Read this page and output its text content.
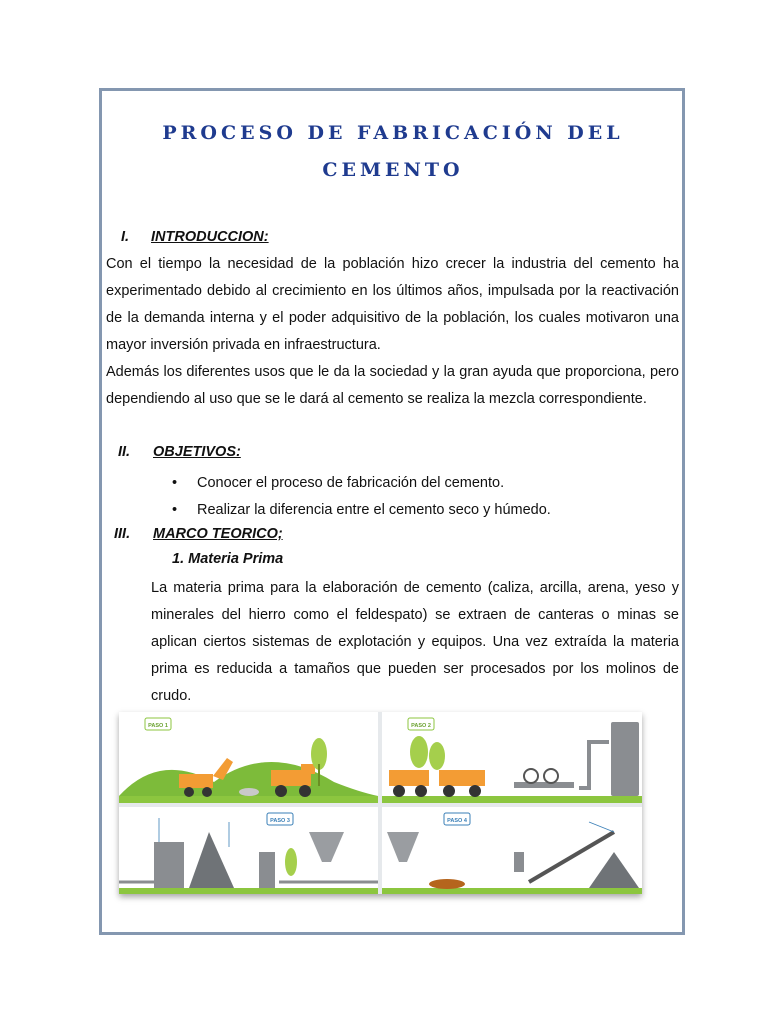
PROCESO DE FABRICACIÓN DEL
CEMENTO
I. INTRODUCCION:

Con el tiempo la necesidad de la población hizo crecer la industria del cemento ha experimentado debido al crecimiento en los últimos años, impulsada por la reactivación de la demanda interna y el poder adquisitivo de la población, los cuales motivaron una mayor inversión privada en infraestructura.

Además los diferentes usos que le da la sociedad y la gran ayuda que proporciona, pero dependiendo al uso que se le dará al cemento se realiza la mezcla correspondiente.

II. OBJETIVOS:
• Conocer el proceso de fabricación del cemento.
• Realizar la diferencia entre el cemento seco y húmedo.
III. MARCO TEORICO;
1. Materia Prima

La materia prima para la elaboración de cemento (caliza, arcilla, arena, yeso y minerales del hierro como el feldespato) se extraen de canteras o minas se aplican ciertos sistemas de explotación y equipos. Una vez extraída la materia prima es reducida a tamaños que pueden ser procesados por los molinos de crudo.

PASO 1	PASO 2
PASO 3	PASO 4
